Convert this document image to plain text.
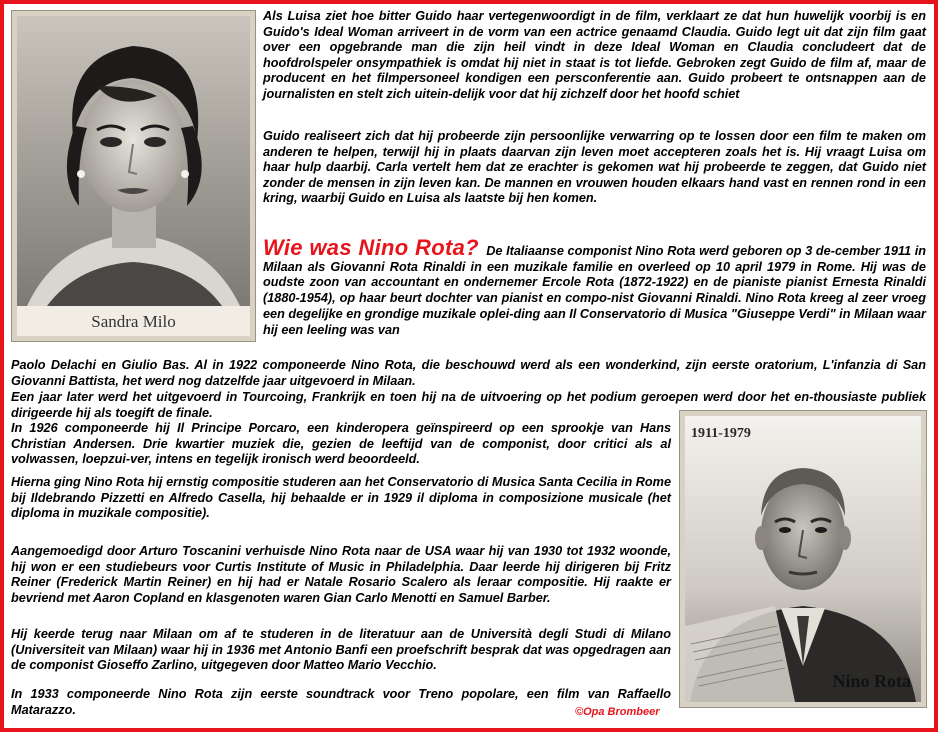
Sandra Milo
1911-1979
Nino Rota

Als Luisa ziet hoe bitter Guido haar vertegenwoordigt in de film, verklaart ze dat hun huwelijk voorbij is en Guido's Ideal Woman arriveert in de vorm van een actrice genaamd Claudia. Guido legt uit dat zijn film gaat over een opgebrande man die zijn heil vindt in deze Ideal Woman en Claudia concludeert dat de hoofdrolspeler onsympathiek is omdat hij niet in staat is tot liefde. Gebroken zegt Guido de film af, maar de producent en het filmpersoneel kondigen een persconferentie aan. Guido probeert te ontsnappen aan de journalisten en stelt zich uitein-delijk voor dat hij zichzelf door het hoofd schiet

Guido realiseert zich dat hij probeerde zijn persoonlijke verwarring op te lossen door een film te maken om anderen te helpen, terwijl hij in plaats daarvan zijn leven moet accepteren zoals het is. Hij vraagt Luisa om haar hulp daarbij. Carla vertelt hem dat ze erachter is gekomen wat hij probeerde te zeggen, dat Guido niet zonder de mensen in zijn leven kan. De mannen en vrouwen houden elkaars hand vast en rennen rond in een kring, waarbij Guido en Luisa als laatste bij hen komen.

Wie was Nino Rota? De Italiaanse componist Nino Rota werd geboren op 3 de-cember 1911 in Milaan als Giovanni Rota Rinaldi in een muzikale familie en overleed op 10 april 1979 in Rome. Hij was de oudste zoon van accountant en ondernemer Ercole Rota (1872-1922) en de pianiste pianist Ernesta Rinaldi (1880-1954), op haar beurt dochter van pianist en compo-nist Giovanni Rinaldi. Nino Rota kreeg al zeer vroeg een degelijke en grondige muzikale oplei-ding aan Il Conservatorio di Musica "Giuseppe Verdi" in Milaan waar hij een leeling was van

Paolo Delachi en Giulio Bas. Al in 1922 componeerde Nino Rota, die beschouwd werd als een wonderkind, zijn eerste oratorium, L'infanzia di San Giovanni Battista, het werd nog datzelfde jaar uitgevoerd in Milaan.

Een jaar later werd het uitgevoerd in Tourcoing, Frankrijk en toen hij na de uitvoering op het podium geroepen werd door het en-thousiaste publiek dirigeerde hij als toegift de finale.

In 1926 componeerde hij Il Principe Porcaro, een kinderopera geïnspireerd op een sprookje van Hans Christian Andersen. Drie kwartier muziek die, gezien de leeftijd van de componist, door critici als al volwassen, loepzui-ver, intens en tegelijk ironisch werd beoordeeld.

Hierna ging Nino Rota hij ernstig compositie studeren aan het Conservatorio di Musica Santa Cecilia in Rome bij Ildebrando Pizzetti en Alfredo Casella, hij behaalde er in 1929 il diploma in composizione musicale (het diploma in muzikale compositie).

Aangemoedigd door Arturo Toscanini verhuisde Nino Rota naar de USA waar hij van 1930 tot 1932 woonde, hij won er een studiebeurs voor Curtis Institute of Music in Philadelphia. Daar leerde hij dirigeren bij Fritz Reiner (Frederick Martin Reiner) en hij had er Natale Rosario Scalero als leraar compositie. Hij raakte er bevriend met Aaron Copland en klasgenoten waren Gian Carlo Menotti en Samuel Barber.

Hij keerde terug naar Milaan om af te studeren in de literatuur aan de Università degli Studi di Milano (Universiteit van Milaan) waar hij in 1936 met Antonio Banfi een proefschrift besprak dat was opgedragen aan de componist Gioseffo Zarlino, uitgegeven door Matteo Mario Vecchio.

In 1933 componeerde Nino Rota zijn eerste soundtrack voor Treno popolare, een film van Raffaello Matarazzo.	©Opa Brombeer
